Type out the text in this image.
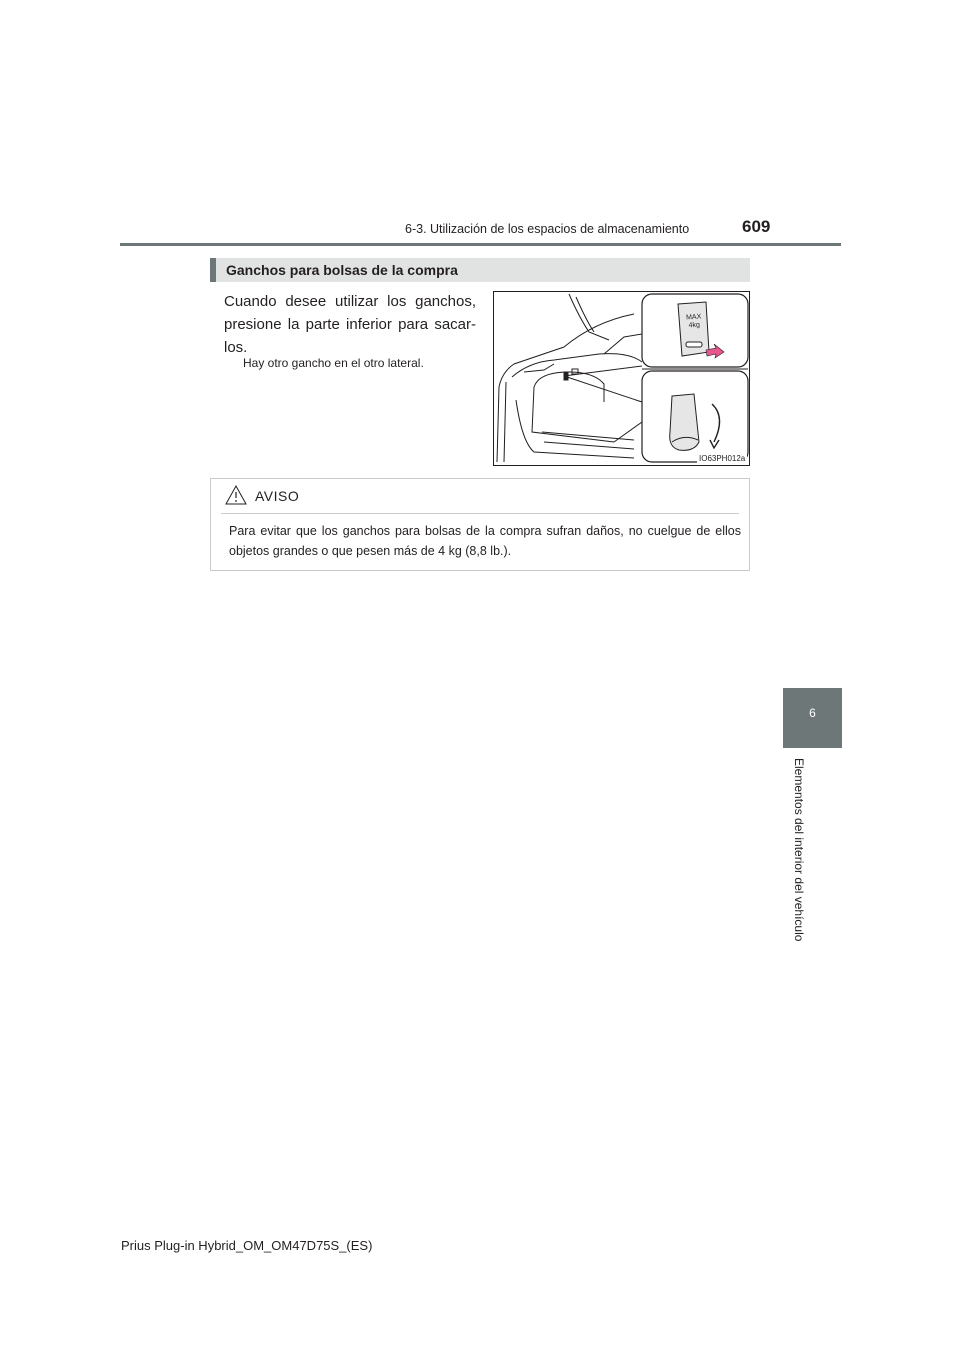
6-3. Utilización de los espacios de almacenamiento	609
6
Elementos del interior del vehículo
Ganchos para bolsas de la compra
Cuando desee utilizar los ganchos, presione la parte inferior para sacar-los.
Hay otro gancho en el otro lateral.
MAX
4kg
IO63PH012a
AVISO
Para evitar que los ganchos para bolsas de la compra sufran daños, no cuelgue de ellos objetos grandes o que pesen más de 4 kg (8,8 lb.).
Prius Plug-in Hybrid_OM_OM47D75S_(ES)
